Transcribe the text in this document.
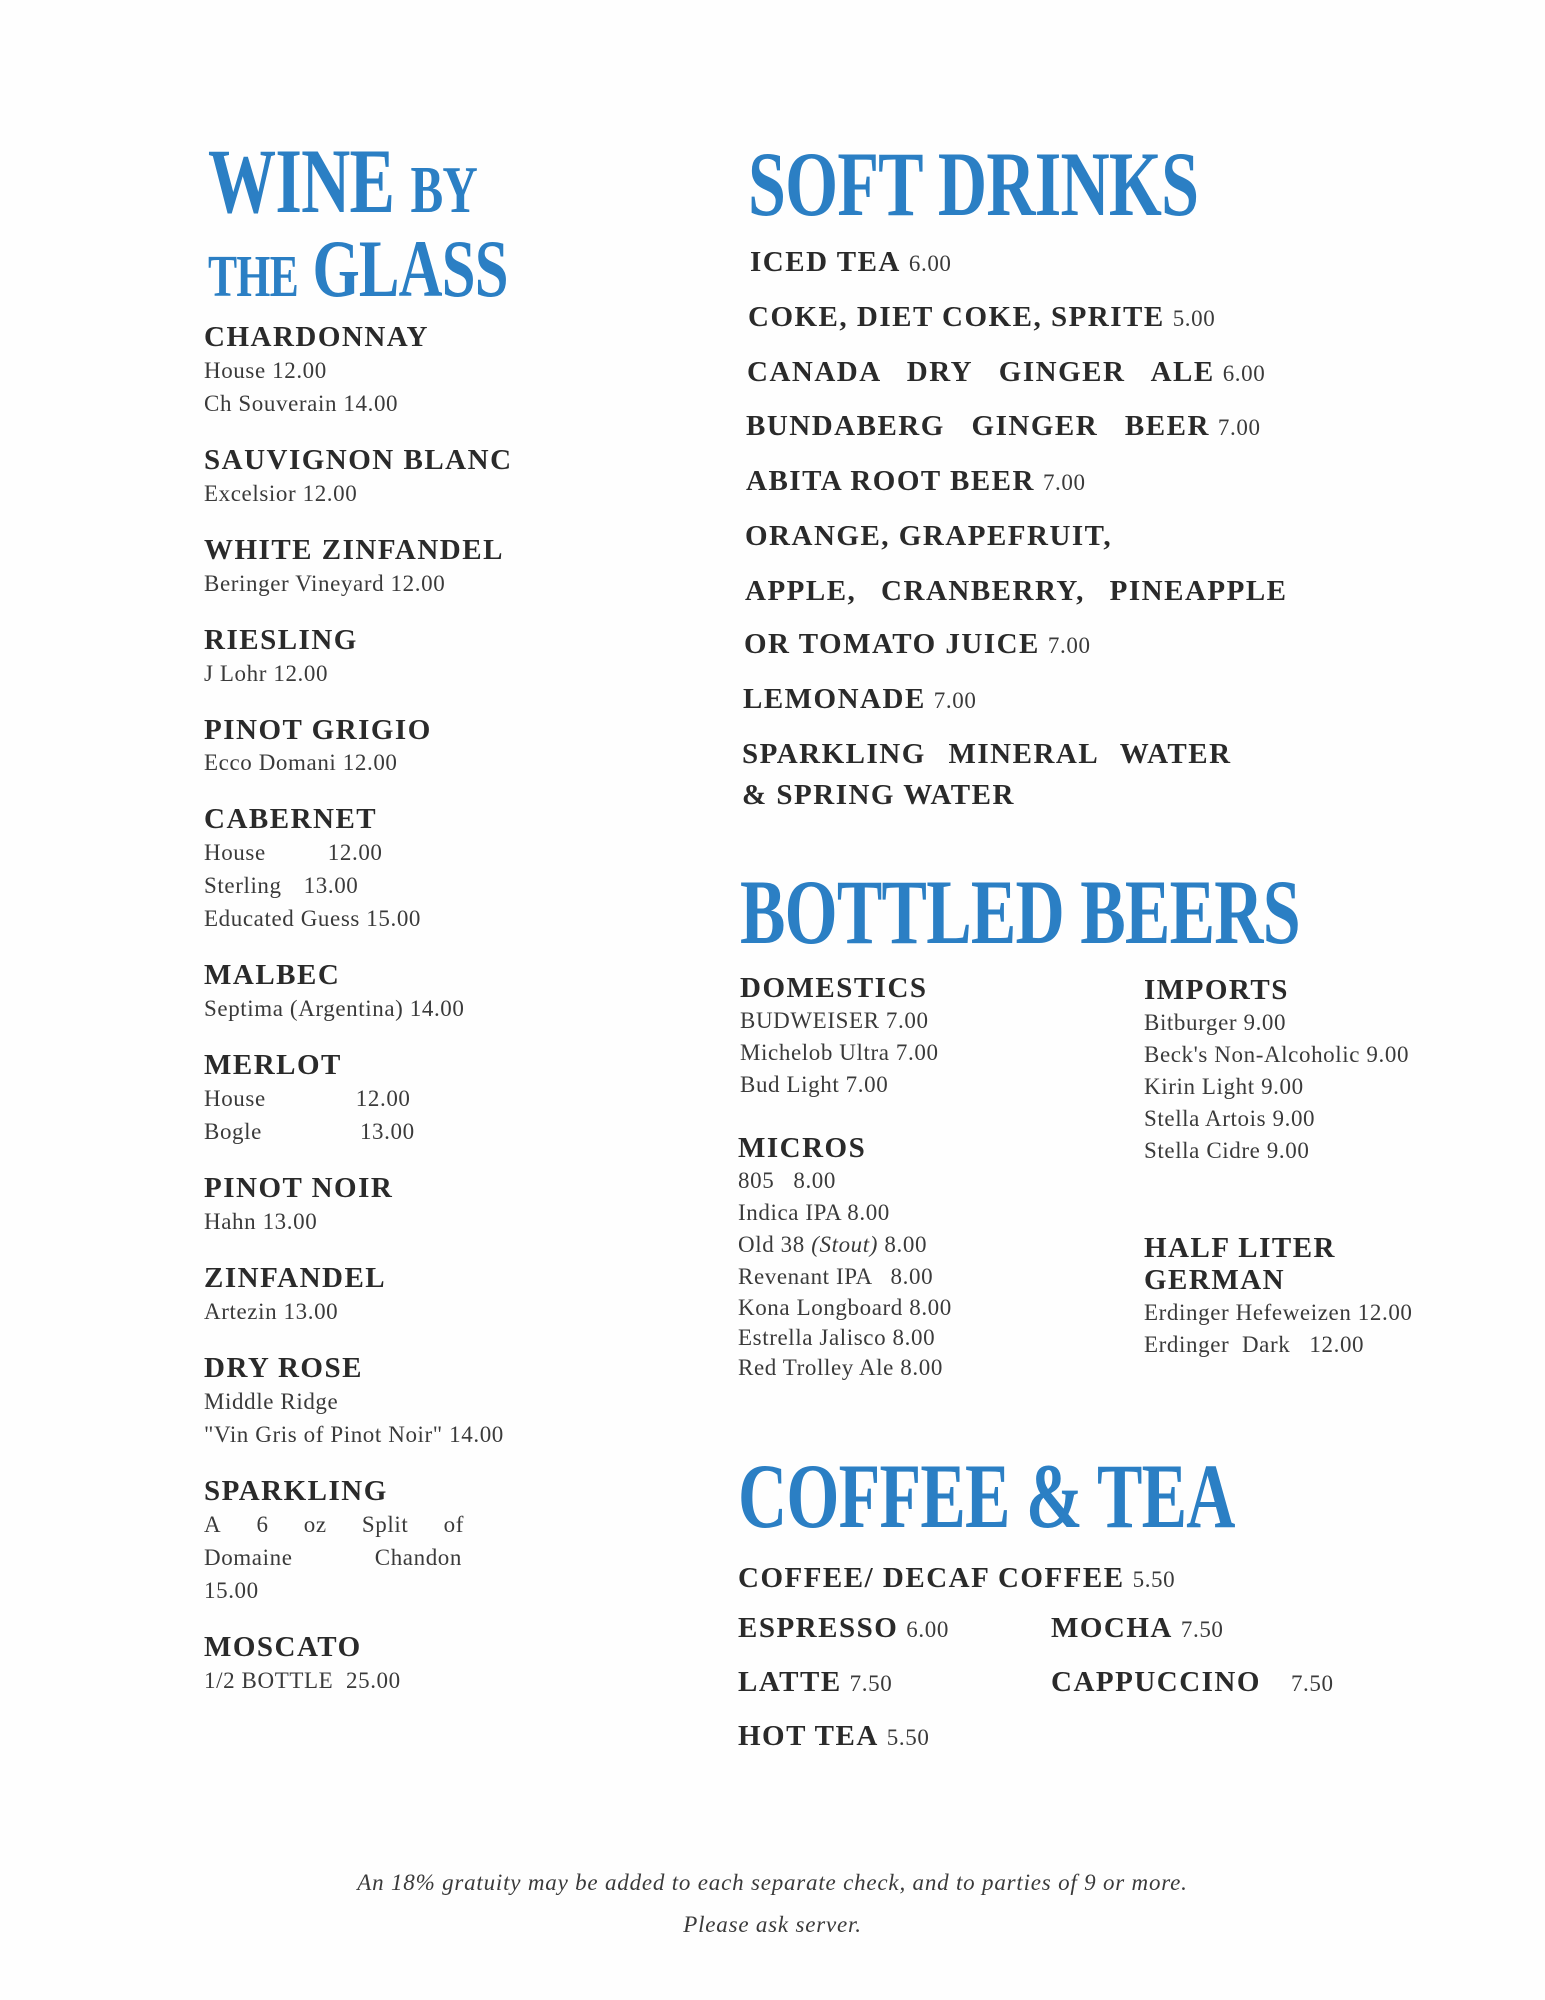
WINE BY
THE GLASS
CHARDONNAY
House 12.00
Ch Souverain 14.00
SAUVIGNON BLANC
Excelsior 12.00
WHITE ZINFANDEL
Beringer Vineyard 12.00
RIESLING
J Lohr 12.00
PINOT GRIGIO
Ecco Domani 12.00
CABERNET
House	12.00
Sterling 13.00
Educated Guess 15.00
MALBEC
Septima (Argentina) 14.00
MERLOT
House	12.00
Bogle	13.00
PINOT NOIR
Hahn 13.00
ZINFANDEL
Artezin 13.00
DRY ROSE
Middle Ridge
"Vin Gris of Pinot Noir" 14.00
SPARKLING
A 6 oz Split of
Domaine	Chandon
15.00
MOSCATO
1/2 BOTTLE  25.00
SOFT DRINKS
ICED TEA 6.00
COKE, DIET COKE, SPRITE 5.00
CANADA DRY GINGER ALE 6.00
BUNDABERG GINGER BEER 7.00
ABITA ROOT BEER 7.00
ORANGE, GRAPEFRUIT,
APPLE, CRANBERRY, PINEAPPLE
OR TOMATO JUICE 7.00
LEMONADE 7.00
SPARKLING MINERAL WATER
& SPRING WATER
BOTTLED BEERS
DOMESTICS
BUDWEISER 7.00
Michelob Ultra 7.00
Bud Light 7.00
MICROS
805   8.00
Indica IPA 8.00
Old 38 (Stout) 8.00
Revenant IPA   8.00
Kona Longboard 8.00
Estrella Jalisco 8.00
Red Trolley Ale 8.00
IMPORTS
Bitburger 9.00
Beck's Non-Alcoholic 9.00
Kirin Light 9.00
Stella Artois 9.00
Stella Cidre 9.00
HALF LITER
GERMAN
Erdinger Hefeweizen 12.00
Erdinger  Dark   12.00
COFFEE & TEA
COFFEE/ DECAF COFFEE 5.50
ESPRESSO 6.00	MOCHA 7.50
LATTE 7.50	CAPPUCCINO 7.50
HOT TEA 5.50
An 18% gratuity may be added to each separate check, and to parties of 9 or more.
Please ask server.
